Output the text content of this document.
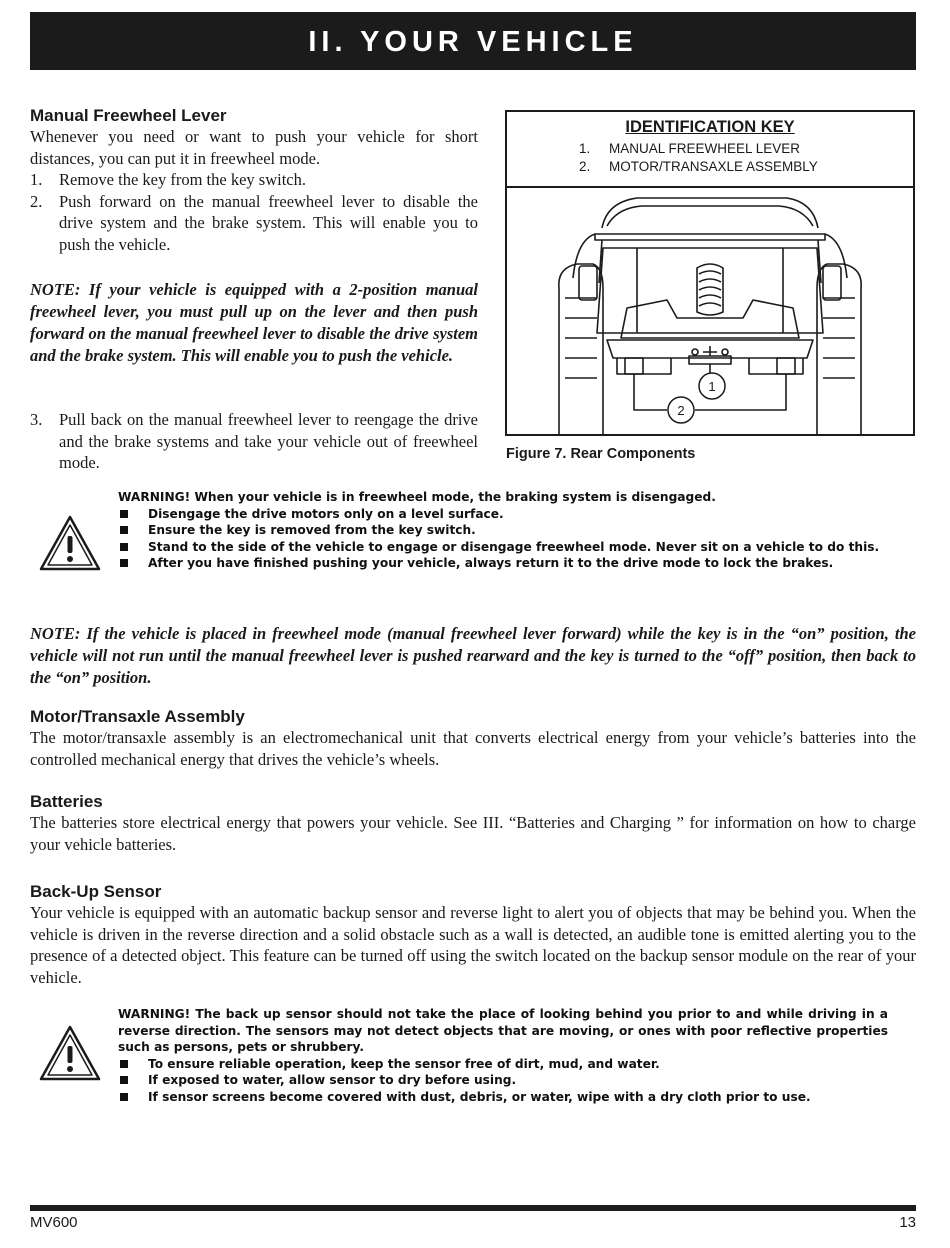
II. YOUR VEHICLE
Manual Freewheel Lever

Whenever you need or want to push your vehicle for short distances, you can put it in freewheel mode.

1. Remove the key from the key switch.
2. Push forward on the manual freewheel lever to disable the drive system and the brake system. This will enable you to push the vehicle.

NOTE: If your vehicle is equipped with a 2-position manual freewheel lever, you must pull up on the lever and then push forward on the manual freewheel lever to disable the drive system and the brake system. This will enable you to push the vehicle.

3. Pull back on the manual freewheel lever to reengage the drive and the brake systems and take your vehicle out of freewheel mode.
IDENTIFICATION KEY
1. MANUAL FREEWHEEL LEVER
2. MOTOR/TRANSAXLE ASSEMBLY
1
2
Figure 7. Rear Components

WARNING! When your vehicle is in freewheel mode, the braking system is disengaged.

Disengage the drive motors only on a level surface.
Ensure the key is removed from the key switch.
Stand to the side of the vehicle to engage or disengage freewheel mode. Never sit on a vehicle to do this.
After you have finished pushing your vehicle, always return it to the drive mode to lock the brakes.

NOTE: If the vehicle is placed in freewheel mode (manual freewheel lever forward) while the key is in the “on” position, the vehicle will not run until the manual freewheel lever is pushed rearward and the key is turned to the “off” position, then back to the “on” position.

Motor/Transaxle Assembly

The motor/transaxle assembly is an electromechanical unit that converts electrical energy from your vehicle’s batteries into the controlled mechanical energy that drives the vehicle’s wheels.

Batteries

The batteries store electrical energy that powers your vehicle. See III. “Batteries and Charging ” for information on how to charge your vehicle batteries.

Back-Up Sensor

Your vehicle is equipped with an automatic backup sensor and reverse light to alert you of objects that may be behind you. When the vehicle is driven in the reverse direction and a solid obstacle such as a wall is detected, an audible tone is emitted alerting you to the presence of a detected object. This feature can be turned off using the switch located on the backup sensor module on the rear of your vehicle.

WARNING! The back up sensor should not take the place of looking behind you prior to and while driving in a reverse direction. The sensors may not detect objects that are moving, or ones with poor reflective properties such as persons, pets or shrubbery.

To ensure reliable operation, keep the sensor free of dirt, mud, and water.
If exposed to water, allow sensor to dry before using.
If sensor screens become covered with dust, debris, or water, wipe with a dry cloth prior to use.
MV600	13
